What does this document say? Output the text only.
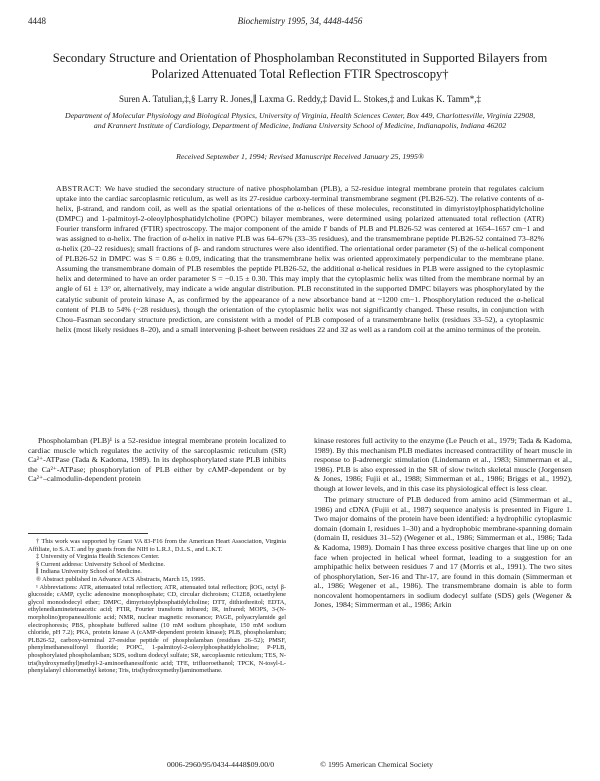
4448	Biochemistry 1995, 34, 4448-4456
Secondary Structure and Orientation of Phospholamban Reconstituted in Supported Bilayers from Polarized Attenuated Total Reflection FTIR Spectroscopy†
Suren A. Tatulian,‡,§ Larry R. Jones,∥ Laxma G. Reddy,‡ David L. Stokes,‡ and Lukas K. Tamm*,‡
Department of Molecular Physiology and Biological Physics, University of Virginia, Health Sciences Center, Box 449, Charlottesville, Virginia 22908, and Krannert Institute of Cardiology, Department of Medicine, Indiana University School of Medicine, Indianapolis, Indiana 46202
Received September 1, 1994; Revised Manuscript Received January 25, 1995®
ABSTRACT: We have studied the secondary structure of native phospholamban (PLB), a 52-residue integral membrane protein that regulates calcium uptake into the cardiac sarcoplasmic reticulum, as well as its 27-residue carboxy-terminal transmembrane segment (PLB26-52). The relative contents of α-helix, β-strand, and random coil, as well as the spatial orientations of the α-helices of these molecules, reconstituted in dimyristoylphosphatidylcholine (DMPC) and 1-palmitoyl-2-oleoylphosphatidylcholine (POPC) bilayer membranes, were determined using polarized attenuated total reflection (ATR) Fourier transform infrared (FTIR) spectroscopy. The major component of the amide I' bands of PLB and PLB26-52 was centered at 1654–1657 cm−1 and was assigned to α-helix. The fraction of α-helix in native PLB was 64–67% (33–35 residues), and the transmembrane peptide PLB26-52 contained 73–82% α-helix (20–22 residues); small fractions of β- and random structures were also identified. The orientational order parameter (S) of the α-helical component of PLB26-52 in DMPC was S = 0.86 ± 0.09, indicating that the transmembrane helix was oriented approximately perpendicular to the membrane plane. Assuming the transmembrane domain of PLB resembles the peptide PLB26-52, the additional α-helical residues in PLB were assigned to the cytoplasmic helix and determined to have an order parameter S = −0.15 ± 0.30. This may imply that the cytoplasmic helix was tilted from the membrane normal by an angle of 61 ± 13° or, alternatively, may indicate a wide angular distribution. PLB reconstituted in the supported DMPC bilayers was phosphorylated by the catalytic subunit of protein kinase A, as confirmed by the appearance of a new absorbance band at ~1200 cm−1. Phosphorylation reduced the α-helical content of PLB to 54% (~28 residues), though the orientation of the cytoplasmic helix was not significantly changed. These results, in conjunction with Chou–Fasman secondary structure prediction, are consistent with a model of PLB composed of a transmembrane helix (residues 33–52), a cytoplasmic helix (most likely residues 8–20), and a small intervening β-sheet between residues 22 and 32 as well as a random coil at the amino terminus of the protein.

Phospholamban (PLB)¹ is a 52-residue integral membrane protein localized to cardiac muscle which regulates the activity of the sarcoplasmic reticulum (SR) Ca²⁺-ATPase (Tada & Kadoma, 1989). In its dephosphorylated state PLB inhibits the Ca²⁺-ATPase; phosphorylation of PLB either by cAMP-dependent or by Ca²⁺–calmodulin-dependent protein

† This work was supported by Grant VA 83-F16 from the American Heart Association, Virginia Affiliate, to S.A.T. and by grants from the NIH to L.R.J., D.L.S., and L.K.T.

‡ University of Virginia Health Sciences Center.

§ Current address: University School of Medicine.

∥ Indiana University School of Medicine.

® Abstract published in Advance ACS Abstracts, March 15, 1995.

¹ Abbreviations: ATR, attenuated total reflection; ATR, attenuated total reflection; βOG, octyl β-glucoside; cAMP, cyclic adenosine monophosphate; CD, circular dichroism; C12E8, octaethylene glycol monododecyl ether; DMPC, dimyristoylphosphatidylcholine; DTT, dithiothreitol; EDTA, ethylenediaminetetraacetic acid; FTIR, Fourier transform infrared; IR, infrared; MOPS, 3-(N-morpholino)propanesulfonic acid; NMR, nuclear magnetic resonance; PAGE, polyacrylamide gel electrophoresis; PBS, phosphate buffered saline (10 mM sodium phosphate, 150 mM sodium chloride, pH 7.2); PKA, protein kinase A (cAMP-dependent protein kinase); PLB, phospholamban; PLB26-52, carboxy-terminal 27-residue peptide of phospholamban (residues 26–52); PMSF, phenylmethanesulfonyl fluoride; POPC, 1-palmitoyl-2-oleoylphosphatidylcholine; P-PLB, phosphorylated phospholamban; SDS, sodium dodecyl sulfate; SR, sarcoplasmic reticulum; TES, N-tris(hydroxymethyl)methyl-2-aminoethanesulfonic acid; TFE, trifluoroethanol; TPCK, N-tosyl-L-phenylalanyl chloromethyl ketone; Tris, tris(hydroxymethyl)aminomethane.

kinase restores full activity to the enzyme (Le Peuch et al., 1979; Tada & Kadoma, 1989). By this mechanism PLB mediates increased contractility of heart muscle in response to β-adrenergic stimulation (Lindemann et al., 1983; Simmerman et al., 1986). PLB is also expressed in the SR of slow twitch skeletal muscle (Jorgensen & Jones, 1986; Fujii et al., 1988; Simmerman et al., 1986; Briggs et al., 1992), though at lower levels, and in this case its physiological effect is less clear.

The primary structure of PLB deduced from amino acid (Simmerman et al., 1986) and cDNA (Fujii et al., 1987) sequence analysis is presented in Figure 1. Two major domains of the protein have been identified: a hydrophilic cytoplasmic domain (domain I, residues 1–30) and a hydrophobic membrane-spanning domain (domain II, residues 31–52) (Wegener et al., 1986; Simmerman et al., 1986; Tada & Kadoma, 1989). Domain I has three excess positive charges that line up on one face when projected in helical wheel format, leading to a suggestion for an amphipathic helix between residues 7 and 17 (Morris et al., 1991). The two sites of phosphorylation, Ser-16 and Thr-17, are found in this domain (Simmerman et al., 1986; Wegener et al., 1986). The transmembrane domain is able to form noncovalent homopentamers in sodium dodecyl sulfate (SDS) gels (Wegener & Jones, 1984; Simmerman et al., 1986; Arkin

0006-2960/95/0434-4448$09.00/0	© 1995 American Chemical Society
